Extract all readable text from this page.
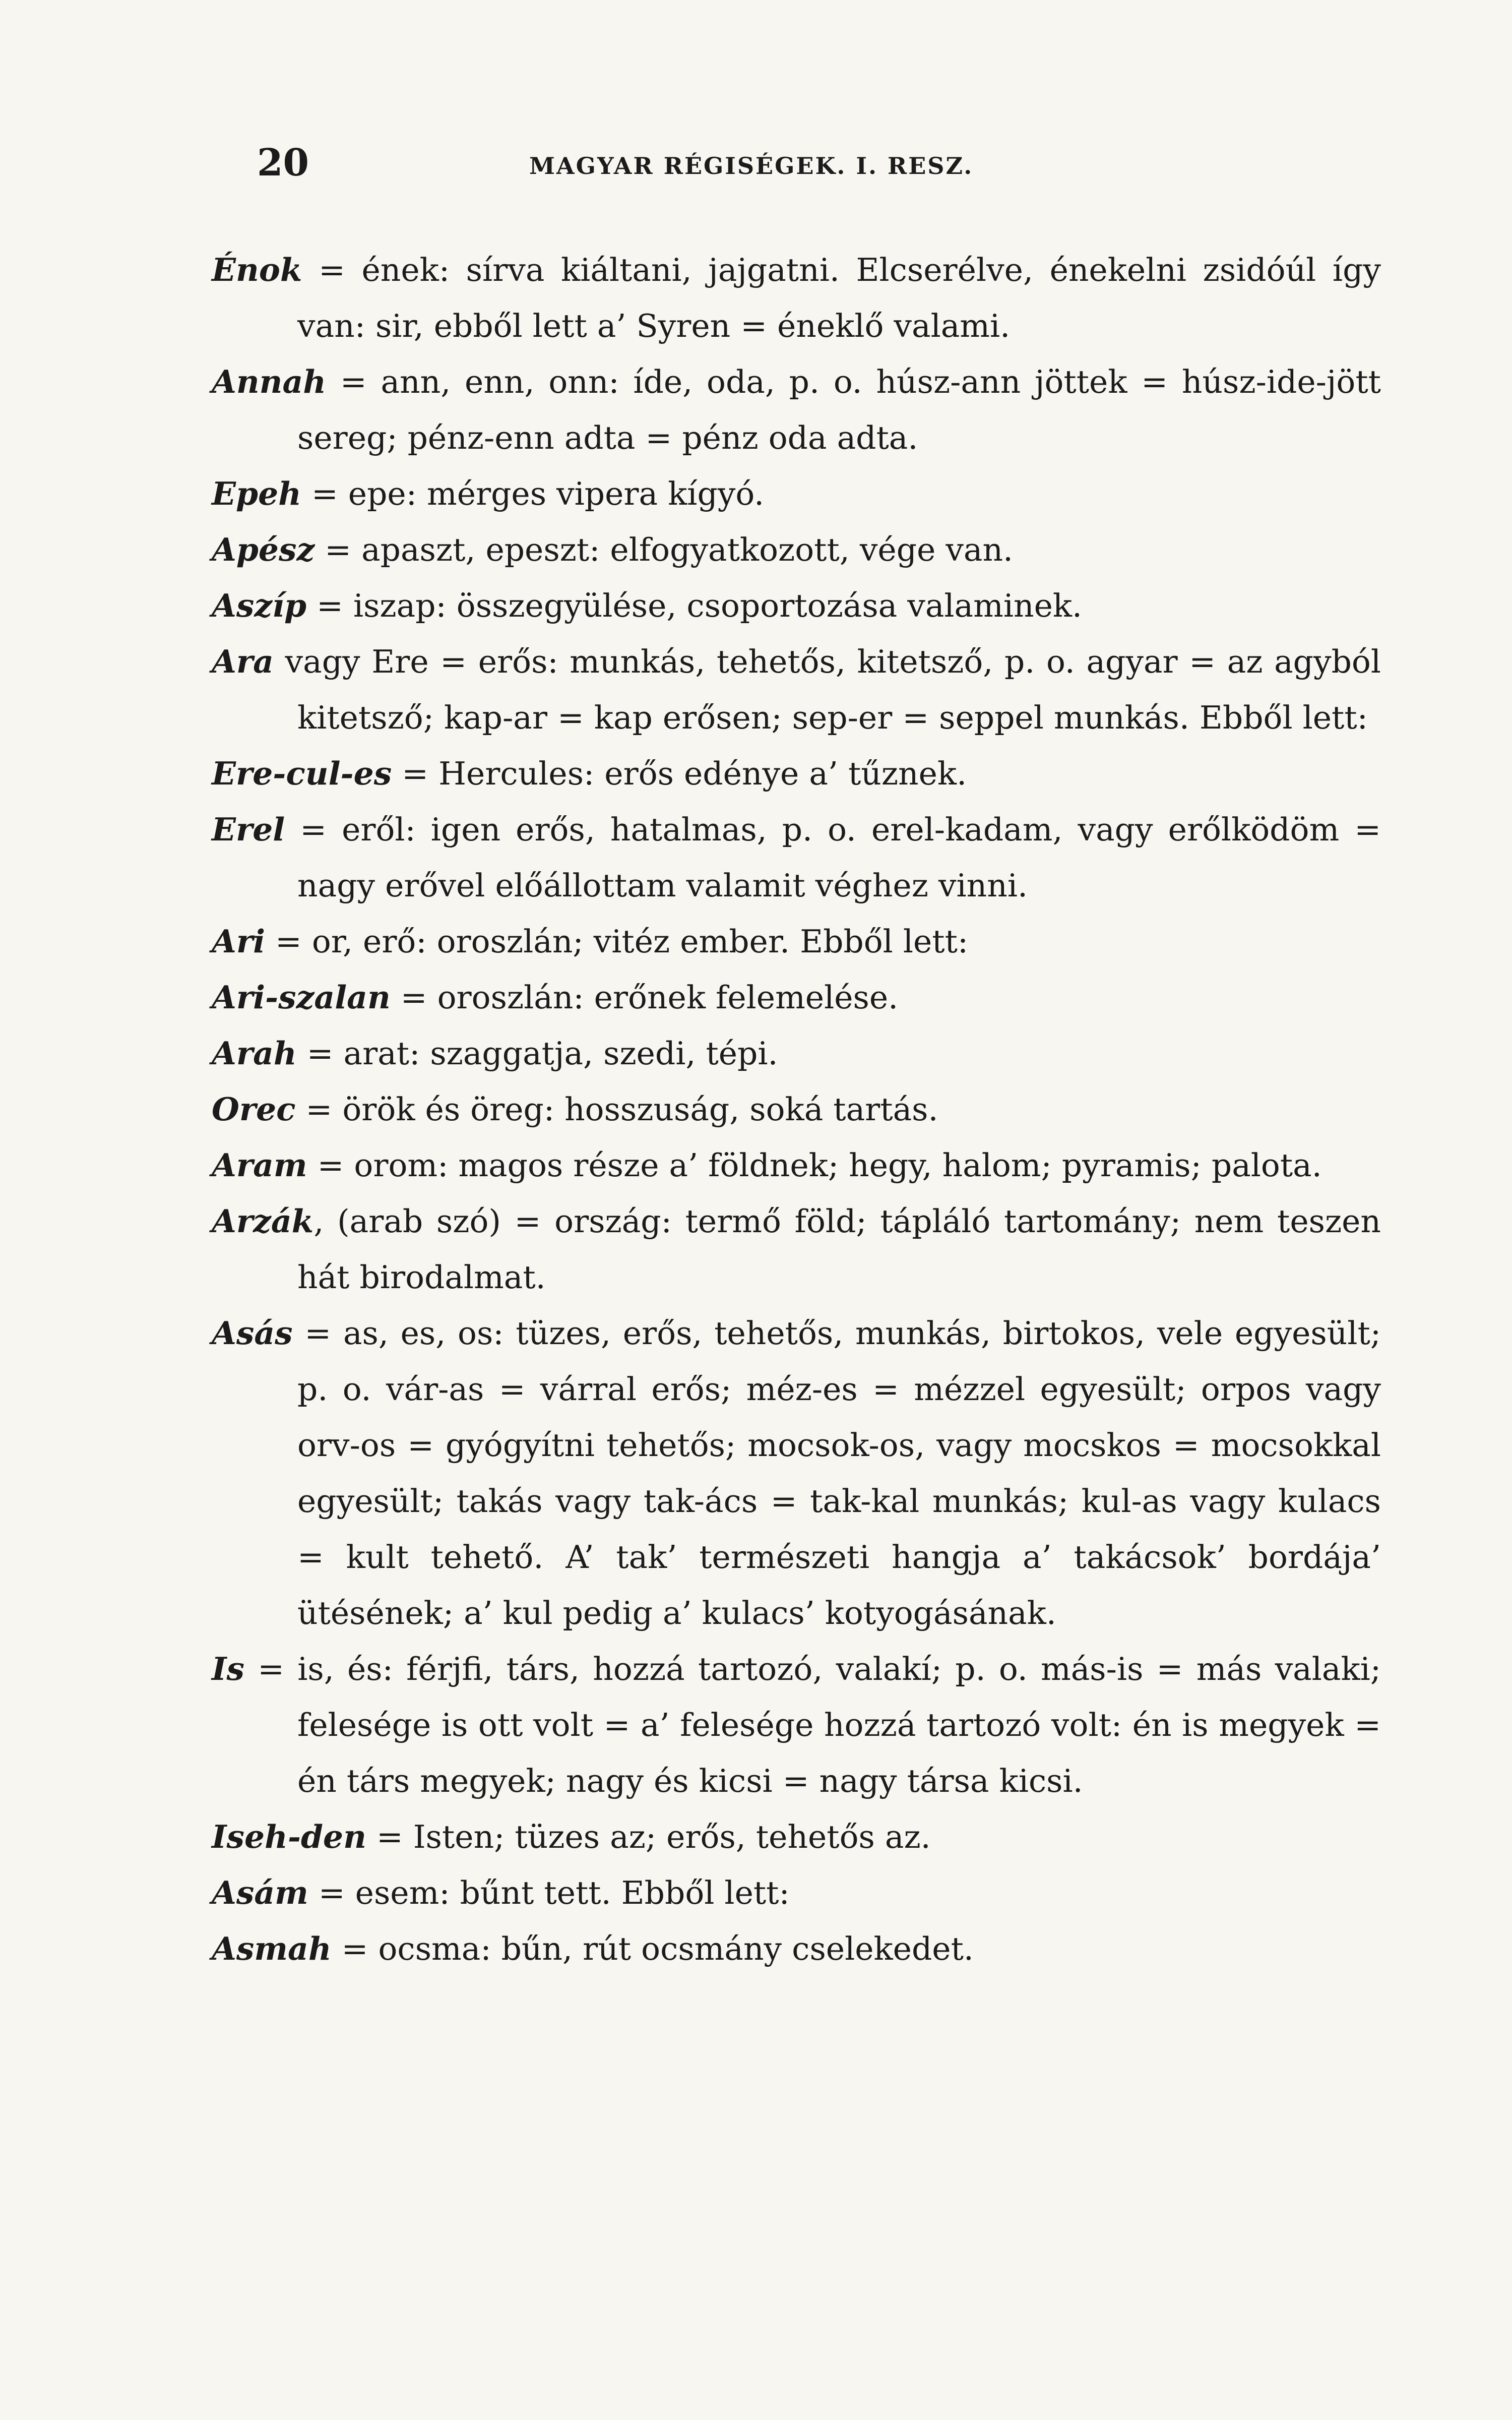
20	MAGYAR RÉGISÉGEK. I. RESZ.

Énok = ének: sírva kiáltani, jajgatni. Elcserélve, énekelni zsidóúl így van: sir, ebből lett a’ Syren = éneklő valami.

Annah = ann, enn, onn: íde, oda, p. o. húsz-ann jöttek = húsz-ide-jött sereg; pénz-enn adta = pénz oda adta.

Epeh = epe: mérges vipera kígyó.

Apész = apaszt, epeszt: elfogyatkozott, vége van.

Aszíp = iszap: összegyülése, csoportozása valaminek.

Ara vagy Ere = erős: munkás, tehetős, kitetsző, p. o. agyar = az agyból kitetsző; kap-ar = kap erősen; sep-er = seppel munkás. Ebből lett:

Ere-cul-es = Hercules: erős edénye a’ tűznek.

Erel = eről: igen erős, hatalmas, p. o. erel-kadam, vagy erőlködöm = nagy erővel előállottam valamit véghez vinni.

Ari = or, erő: oroszlán; vitéz ember. Ebből lett:

Ari-szalan = oroszlán: erőnek felemelése.

Arah = arat: szaggatja, szedi, tépi.

Orec = örök és öreg: hosszuság, soká tartás.

Aram = orom: magos része a’ földnek; hegy, halom; pyramis; palota.

Arzák, (arab szó) = ország: termő föld; tápláló tartomány; nem teszen hát birodalmat.

Asás = as, es, os: tüzes, erős, tehetős, munkás, birtokos, vele egyesült; p. o. vár-as = várral erős; méz-es = mézzel egyesült; orpos vagy orv-os = gyógyítni tehetős; mocsok-os, vagy mocskos = mocsokkal egyesült; takás vagy tak-ács = tak-kal munkás; kul-as vagy kulacs = kult tehető. A’ tak’ természeti hangja a’ takácsok’ bordája’ ütésének; a’ kul pedig a’ kulacs’ kotyogásának.

Is = is, és: férjfi, társ, hozzá tartozó, valakí; p. o. más-is = más valaki; felesége is ott volt = a’ felesége hozzá tartozó volt: én is megyek = én társ megyek; nagy és kicsi = nagy társa kicsi.

Iseh-den = Isten; tüzes az; erős, tehetős az.

Asám = esem: bűnt tett. Ebből lett:

Asmah = ocsma: bűn, rút ocsmány cselekedet.
